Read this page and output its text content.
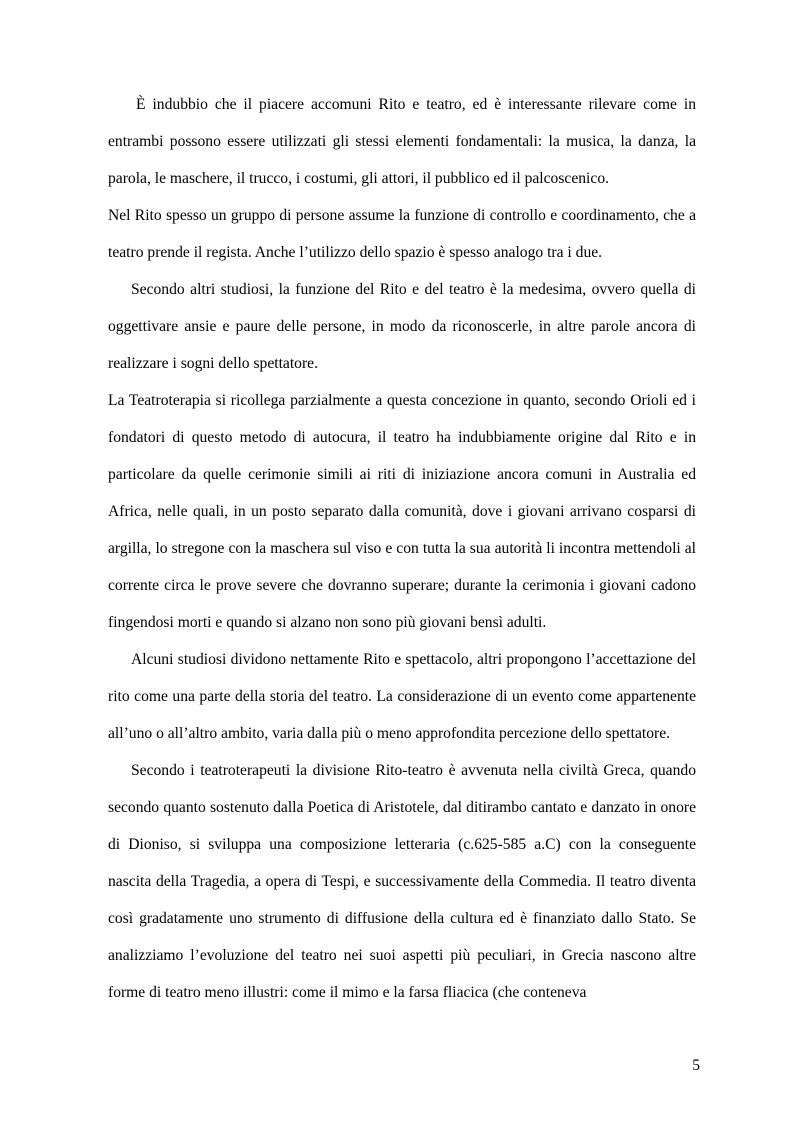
È indubbio che il piacere accomuni Rito e teatro, ed è interessante rilevare come in entrambi possono essere utilizzati gli stessi elementi fondamentali: la musica, la danza, la parola, le maschere, il trucco, i costumi, gli attori, il pubblico ed il palcoscenico.

Nel Rito spesso un gruppo di persone assume la funzione di controllo e coordinamento, che a teatro prende il regista. Anche l’utilizzo dello spazio è spesso analogo tra i due.

Secondo altri studiosi, la funzione del Rito e del teatro è la medesima, ovvero quella di oggettivare ansie e paure delle persone, in modo da riconoscerle, in altre parole ancora di realizzare i sogni dello spettatore.

La Teatroterapia si ricollega parzialmente a questa concezione in quanto, secondo Orioli ed i fondatori di questo metodo di autocura, il teatro ha indubbiamente origine dal Rito e in particolare da quelle cerimonie simili ai riti di iniziazione ancora comuni in Australia ed Africa, nelle quali, in un posto separato dalla comunità, dove i giovani arrivano cosparsi di argilla, lo stregone con la maschera sul viso e con tutta la sua autorità li incontra mettendoli al corrente circa le prove severe che dovranno superare; durante la cerimonia i giovani cadono fingendosi morti e quando si alzano non sono più giovani bensì adulti.

Alcuni studiosi dividono nettamente Rito e spettacolo, altri propongono l’accettazione del rito come una parte della storia del teatro. La considerazione di un evento come appartenente all’uno o all’altro ambito, varia dalla più o meno approfondita percezione dello spettatore.

Secondo i teatroterapeuti la divisione Rito-teatro è avvenuta nella civiltà Greca, quando secondo quanto sostenuto dalla Poetica di Aristotele, dal ditirambo cantato e danzato in onore di Dioniso, si sviluppa una composizione letteraria (c.625-585 a.C) con la conseguente nascita della Tragedia, a opera di Tespi, e successivamente della Commedia. Il teatro diventa così gradatamente uno strumento di diffusione della cultura ed è finanziato dallo Stato. Se analizziamo l’evoluzione del teatro nei suoi aspetti più peculiari, in Grecia nascono altre forme di teatro meno illustri: come il mimo e la farsa fliacica (che conteneva

5
